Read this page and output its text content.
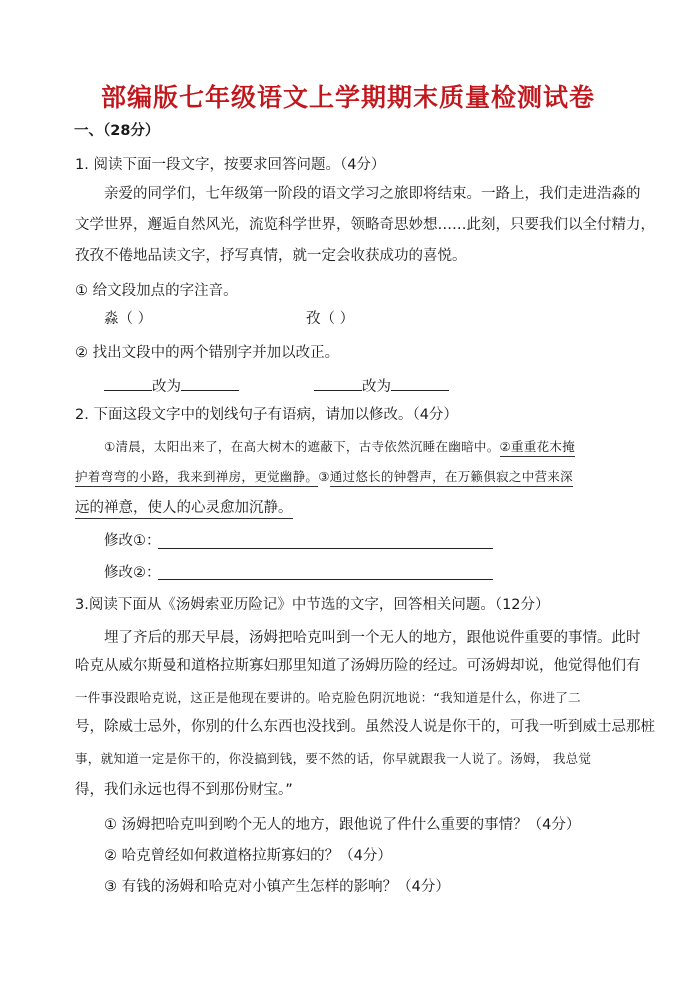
部编版七年级语文上学期期末质量检测试卷
一、（28分）
1. 阅读下面一段文字，按要求回答问题。（4分）
亲爱的同学们，七年级第一阶段的语文学习之旅即将结束。一路上，我们走进浩淼的
文学世界，邂逅自然风光，流览科学世界，领略奇思妙想……此刻，只要我们以全付精力，
孜孜不倦地品读文字，抒写真情，就一定会收获成功的喜悦。
① 给文段加点的字注音。
淼（ ）	孜（ ）
② 找出文段中的两个错别字并加以改正。
改为	改为
2. 下面这段文字中的划线句子有语病，请加以修改。（4分）
①清晨，太阳出来了，在高大树木的遮蔽下，古寺依然沉睡在幽暗中。②重重花木掩
护着弯弯的小路，我来到禅房，更觉幽静。③通过悠长的钟磬声，在万籁俱寂之中营来深
远的禅意，使人的心灵愈加沉静。
修改①：
修改②：
3.阅读下面从《汤姆索亚历险记》中节选的文字，回答相关问题。（12分）
埋了齐后的那天早晨，汤姆把哈克叫到一个无人的地方，跟他说件重要的事情。此时
哈克从威尔斯曼和道格拉斯寡妇那里知道了汤姆历险的经过。可汤姆却说，他觉得他们有
一件事没跟哈克说，这正是他现在要讲的。哈克脸色阴沉地说：“我知道是什么，你进了二
号，除威士忌外，你别的什么东西也没找到。虽然没人说是你干的，可我一听到威士忌那桩
事，就知道一定是你干的，你没搞到钱，要不然的话，你早就跟我一人说了。汤姆， 我总觉
得，我们永远也得不到那份财宝。”
① 汤姆把哈克叫到哟个无人的地方，跟他说了件什么重要的事情？（4分）
② 哈克曾经如何救道格拉斯寡妇的？（4分）
③ 有钱的汤姆和哈克对小镇产生怎样的影响？（4分）
